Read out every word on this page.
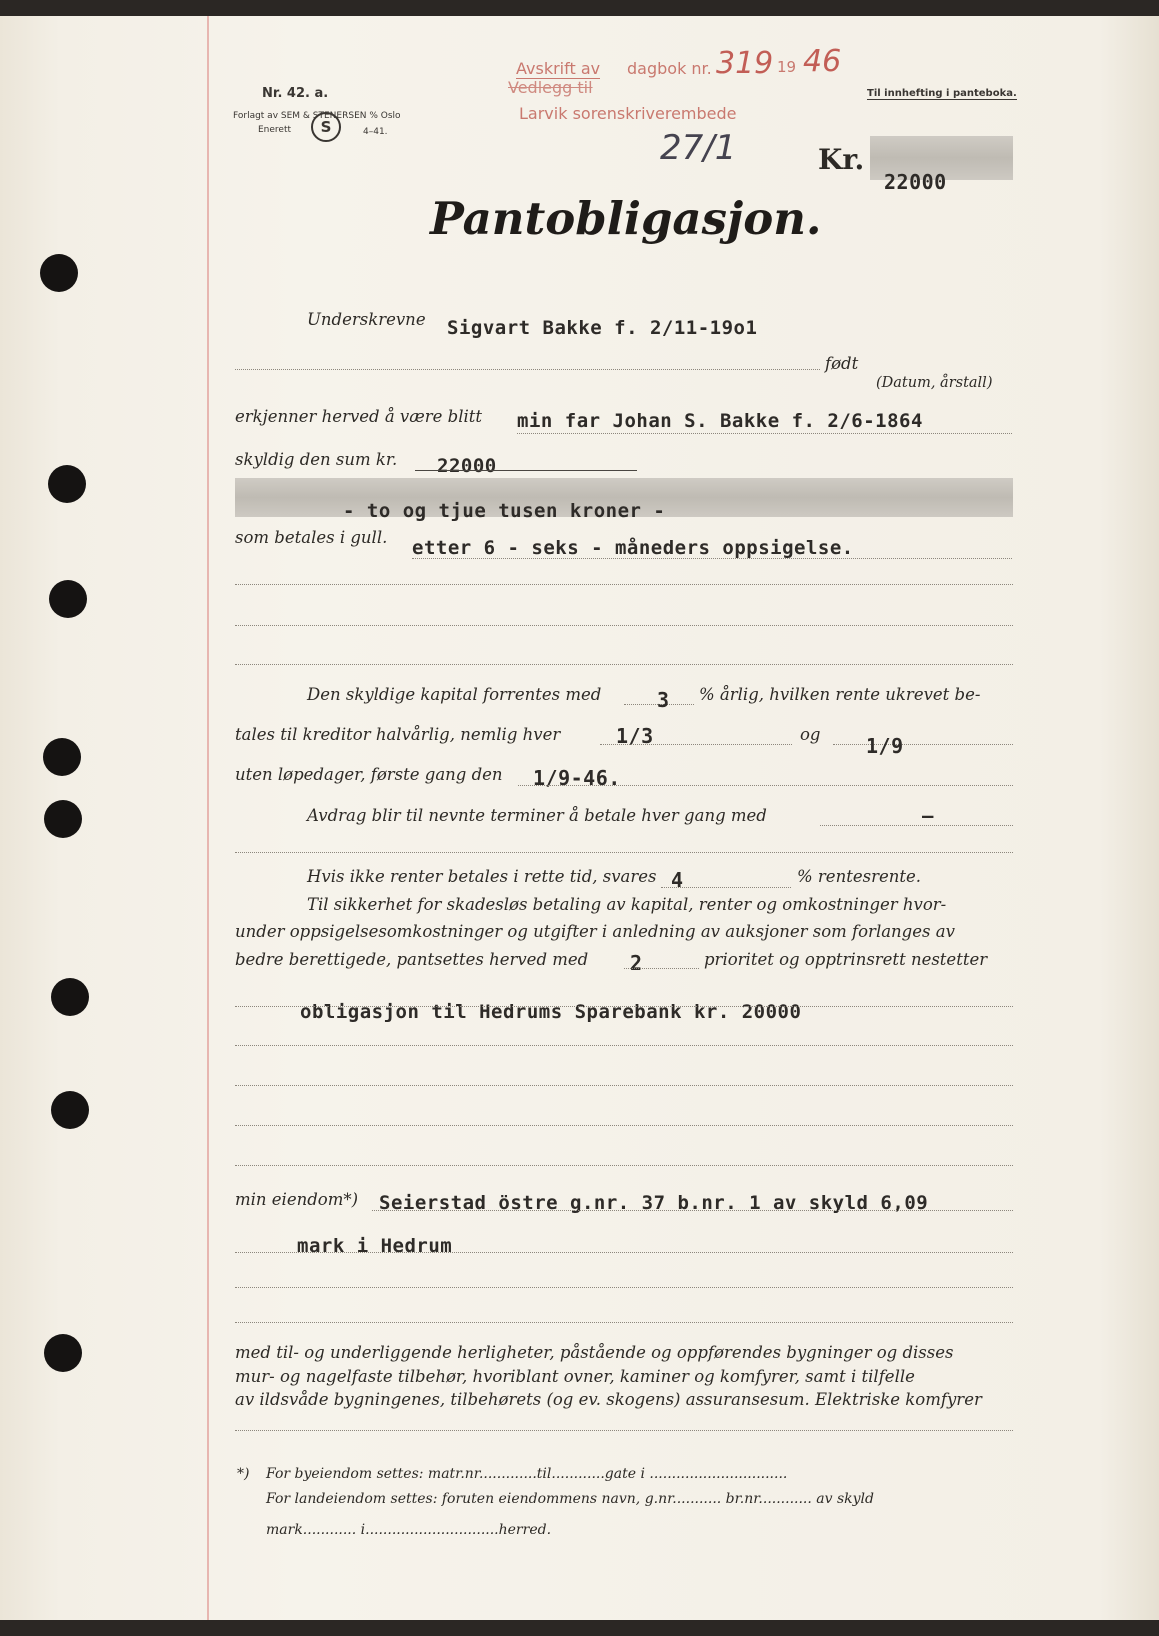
Nr. 42. a.
Forlagt av SEM & STENERSEN % Oslo
Enerett	S	4–41.
Til innhefting i panteboka.
Avskrift av
Vedlegg til
dagbok nr. 319 19 46
Larvik sorenskriverembede
27/1	Kr.
22000
Pantobligasjon.
Underskrevne Sigvart Bakke f. 2/11-19o1
født
(Datum, årstall)
erkjenner herved å være blitt min far Johan S. Bakke f. 2/6-1864
skyldig den sum kr. 22000
- to og tjue tusen kroner -
som betales i gull. etter 6 - seks - måneders oppsigelse.
Den skyldige kapital forrentes med	3 % årlig, hvilken rente ukrevet be-
tales til kreditor halvårlig, nemlig hver	1/3	og 1/9
uten løpedager, første gang den 1/9-46.
Avdrag blir til nevnte terminer å betale hver gang med	–
Hvis ikke renter betales i rette tid, svares 4	% rentesrente.
Til sikkerhet for skadesløs betaling av kapital, renter og omkostninger hvor-
under oppsigelsesomkostninger og utgifter i anledning av auksjoner som forlanges av
bedre berettigede, pantsettes herved med 2	prioritet og opptrinsrett nestetter
obligasjon til Hedrums Sparebank kr. 20000
min eiendom*) Seierstad östre g.nr. 37 b.nr. 1 av skyld 6,09
mark i Hedrum
med til- og underliggende herligheter, påstående og oppførendes bygninger og disses
mur- og nagelfaste tilbehør, hvoriblant ovner, kaminer og komfyrer, samt i tilfelle
av ildsvåde bygningenes, tilbehørets (og ev. skogens) assuransesum. Elektriske komfyrer
*) For byeiendom settes: matr.nr.............til............gate i ...............................
For landeiendom settes: foruten eiendommens navn, g.nr........... br.nr............ av skyld
mark............ i..............................herred.
